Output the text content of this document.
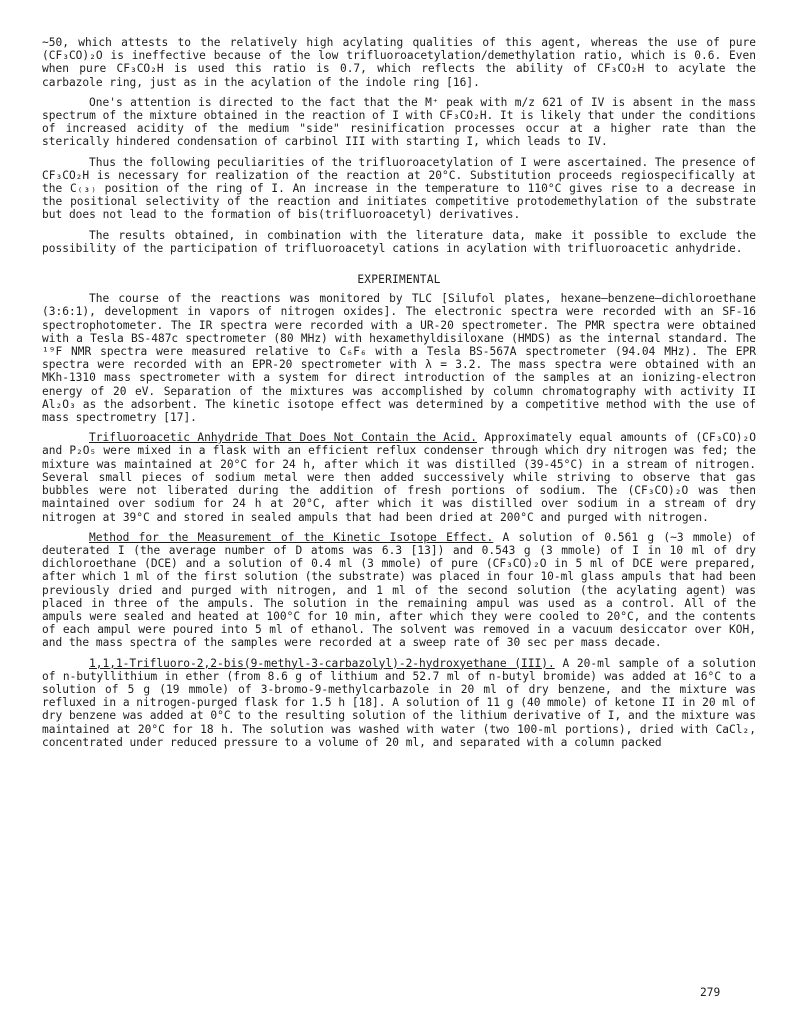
~50, which attests to the relatively high acylating qualities of this agent, whereas the use of pure (CF₃CO)₂O is ineffective because of the low trifluoroacetylation/demethylation ratio, which is 0.6. Even when pure CF₃CO₂H is used this ratio is 0.7, which reflects the ability of CF₃CO₂H to acylate the carbazole ring, just as in the acylation of the indole ring [16].

One's attention is directed to the fact that the M⁺ peak with m/z 621 of IV is absent in the mass spectrum of the mixture obtained in the reaction of I with CF₃CO₂H. It is likely that under the conditions of increased acidity of the medium "side" resinification processes occur at a higher rate than the sterically hindered condensation of carbinol III with starting I, which leads to IV.

Thus the following peculiarities of the trifluoroacetylation of I were ascertained. The presence of CF₃CO₂H is necessary for realization of the reaction at 20°C. Substitution proceeds regiospecifically at the C₍₃₎ position of the ring of I. An increase in the temperature to 110°C gives rise to a decrease in the positional selectivity of the reaction and initiates competitive protodemethylation of the substrate but does not lead to the formation of bis(trifluoroacetyl) derivatives.

The results obtained, in combination with the literature data, make it possible to exclude the possibility of the participation of trifluoroacetyl cations in acylation with trifluoroacetic anhydride.

EXPERIMENTAL

The course of the reactions was monitored by TLC [Silufol plates, hexane—benzene—dichloroethane (3:6:1), development in vapors of nitrogen oxides]. The electronic spectra were recorded with an SF-16 spectrophotometer. The IR spectra were recorded with a UR-20 spectrometer. The PMR spectra were obtained with a Tesla BS-487c spectrometer (80 MHz) with hexamethyldisiloxane (HMDS) as the internal standard. The ¹⁹F NMR spectra were measured relative to C₆F₆ with a Tesla BS-567A spectrometer (94.04 MHz). The EPR spectra were recorded with an EPR-20 spectrometer with λ = 3.2. The mass spectra were obtained with an MKh-1310 mass spectrometer with a system for direct introduction of the samples at an ionizing-electron energy of 20 eV. Separation of the mixtures was accomplished by column chromatography with activity II Al₂O₃ as the adsorbent. The kinetic isotope effect was determined by a competitive method with the use of mass spectrometry [17].

Trifluoroacetic Anhydride That Does Not Contain the Acid. Approximately equal amounts of (CF₃CO)₂O and P₂O₅ were mixed in a flask with an efficient reflux condenser through which dry nitrogen was fed; the mixture was maintained at 20°C for 24 h, after which it was distilled (39-45°C) in a stream of nitrogen. Several small pieces of sodium metal were then added successively while striving to observe that gas bubbles were not liberated during the addition of fresh portions of sodium. The (CF₃CO)₂O was then maintained over sodium for 24 h at 20°C, after which it was distilled over sodium in a stream of dry nitrogen at 39°C and stored in sealed ampuls that had been dried at 200°C and purged with nitrogen.

Method for the Measurement of the Kinetic Isotope Effect. A solution of 0.561 g (~3 mmole) of deuterated I (the average number of D atoms was 6.3 [13]) and 0.543 g (3 mmole) of I in 10 ml of dry dichloroethane (DCE) and a solution of 0.4 ml (3 mmole) of pure (CF₃CO)₂O in 5 ml of DCE were prepared, after which 1 ml of the first solution (the substrate) was placed in four 10-ml glass ampuls that had been previously dried and purged with nitrogen, and 1 ml of the second solution (the acylating agent) was placed in three of the ampuls. The solution in the remaining ampul was used as a control. All of the ampuls were sealed and heated at 100°C for 10 min, after which they were cooled to 20°C, and the contents of each ampul were poured into 5 ml of ethanol. The solvent was removed in a vacuum desiccator over KOH, and the mass spectra of the samples were recorded at a sweep rate of 30 sec per mass decade.

1,1,1-Trifluoro-2,2-bis(9-methyl-3-carbazolyl)-2-hydroxyethane (III). A 20-ml sample of a solution of n-butyllithium in ether (from 8.6 g of lithium and 52.7 ml of n-butyl bromide) was added at 16°C to a solution of 5 g (19 mmole) of 3-bromo-9-methylcarbazole in 20 ml of dry benzene, and the mixture was refluxed in a nitrogen-purged flask for 1.5 h [18]. A solution of 11 g (40 mmole) of ketone II in 20 ml of dry benzene was added at 0°C to the resulting solution of the lithium derivative of I, and the mixture was maintained at 20°C for 18 h. The solution was washed with water (two 100-ml portions), dried with CaCl₂, concentrated under reduced pressure to a volume of 20 ml, and separated with a column packed

279
